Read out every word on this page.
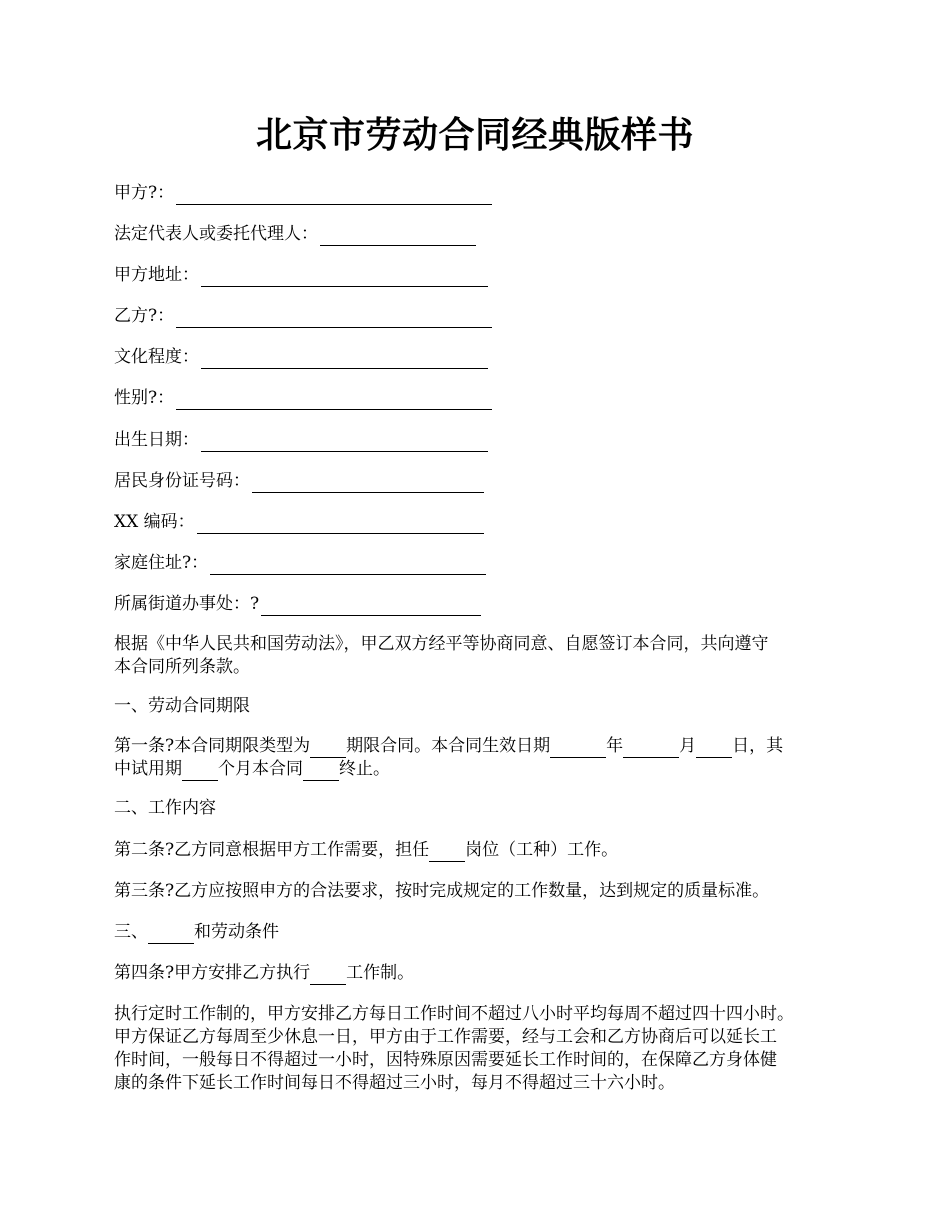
北京市劳动合同经典版样书
甲方?：
法定代表人或委托代理人：
甲方地址：
乙方?：
文化程度：
性别?：
出生日期：
居民身份证号码：
XX 编码：
家庭住址?：
所属街道办事处：?

根据《中华人民共和国劳动法》，甲乙双方经平等协商同意、自愿签订本合同，共向遵守
本合同所列条款。

一、劳动合同期限

第一条?本合同期限类型为 期限合同。本合同生效日期	年	月 日，其
中试用期 个月本合同 终止。

二、工作内容

第二条?乙方同意根据甲方工作需要，担任 岗位（工种）工作。

第三条?乙方应按照申方的合法要求，按时完成规定的工作数量，达到规定的质量标准。

三、	和劳动条件

第四条?甲方安排乙方执行 工作制。

执行定时工作制的，甲方安排乙方每日工作时间不超过八小时平均每周不超过四十四小时。
甲方保证乙方每周至少休息一日，甲方由于工作需要，经与工会和乙方协商后可以延长工
作时间，一般每日不得超过一小时，因特殊原因需要延长工作时间的，在保障乙方身体健
康的条件下延长工作时间每日不得超过三小时，每月不得超过三十六小时。
